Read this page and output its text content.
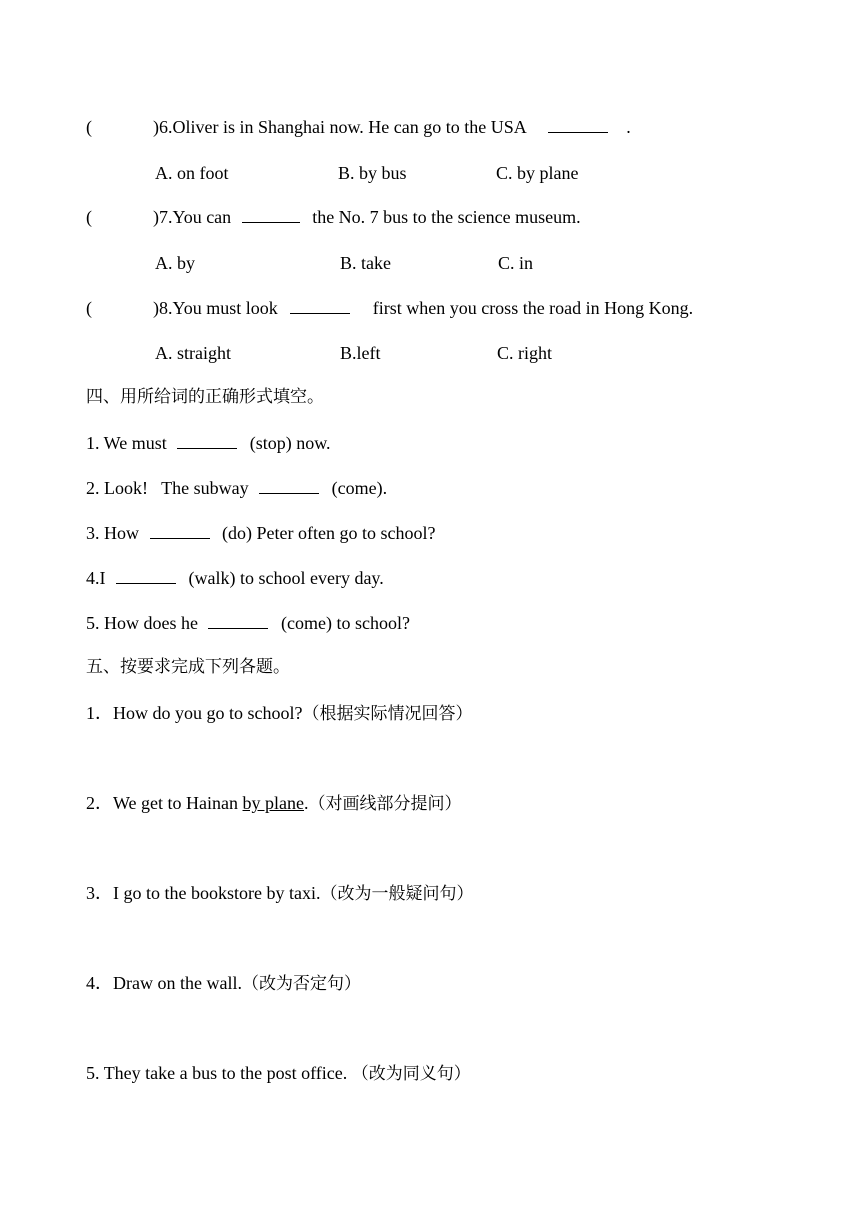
(	)6.Oliver is in Shanghai now. He can go to the USA	.
A. on foot	B. by bus	C. by plane
(	)7.You can	the No. 7 bus to the science museum.
A. by	B. take	C. in
(	)8.You must look	first when you cross the road in Hong Kong.
A. straight	B.left	C. right
四、用所给词的正确形式填空。
1. We must	(stop) now.
2. Look!   The subway	(come).
3. How	(do) Peter often go to school?
4.I	(walk) to school every day.
5. How does he	(come) to school?
五、按要求完成下列各题。
1．How do you go to school?（根据实际情况回答）
2．We get to Hainan by plane.（对画线部分提问）
3．I go to the bookstore by taxi.（改为一般疑问句）
4．Draw on the wall.（改为否定句）
5. They take a bus to the post office. （改为同义句）
